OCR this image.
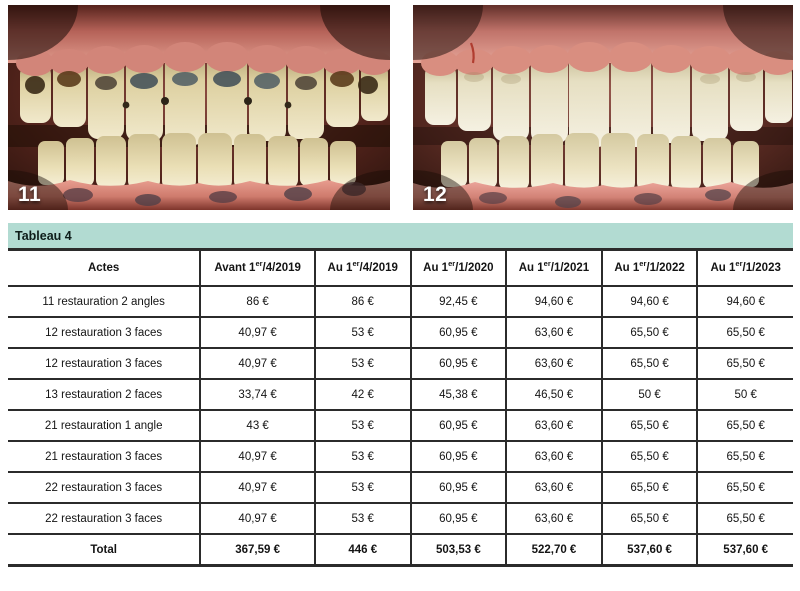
11	12
Tableau 4
Actes	Avant 1er/4/2019	Au 1er/4/2019	Au 1er/1/2020	Au 1er/1/2021	Au 1er/1/2022	Au 1er/1/2023
11 restauration 2 angles	86 €	86 €	92,45 €	94,60 €	94,60 €	94,60 €
12 restauration 3 faces	40,97 €	53 €	60,95 €	63,60 €	65,50 €	65,50 €
12 restauration 3 faces	40,97 €	53 €	60,95 €	63,60 €	65,50 €	65,50 €
13 restauration 2 faces	33,74 €	42 €	45,38 €	46,50 €	50 €	50 €
21 restauration 1 angle	43 €	53 €	60,95 €	63,60 €	65,50 €	65,50 €
21 restauration 3 faces	40,97 €	53 €	60,95 €	63,60 €	65,50 €	65,50 €
22 restauration 3 faces	40,97 €	53 €	60,95 €	63,60 €	65,50 €	65,50 €
22 restauration 3 faces	40,97 €	53 €	60,95 €	63,60 €	65,50 €	65,50 €
Total	367,59 €	446 €	503,53 €	522,70 €	537,60 €	537,60 €
